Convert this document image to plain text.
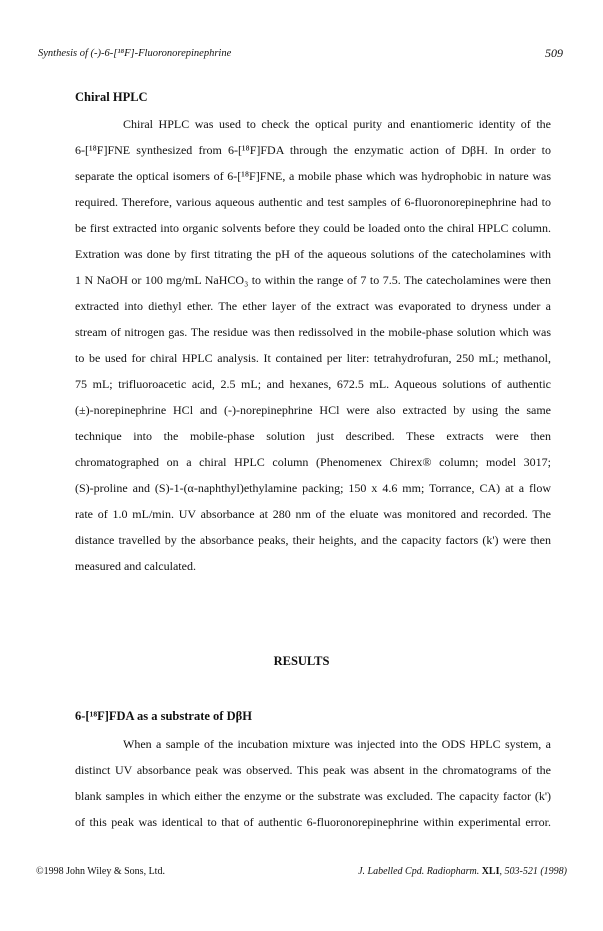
Synthesis of (-)-6-[¹⁸F]-Fluoronorepinephrine	509
Chiral HPLC
Chiral HPLC was used to check the optical purity and enantiomeric identity of the
6-[¹⁸F]FNE synthesized from 6-[¹⁸F]FDA through the enzymatic action of DβH. In order to
separate the optical isomers of 6-[¹⁸F]FNE, a mobile phase which was hydrophobic in nature was
required. Therefore, various aqueous authentic and test samples of 6-fluoronorepinephrine had to
be first extracted into organic solvents before they could be loaded onto the chiral HPLC column.
Extration was done by first titrating the pH of the aqueous solutions of the catecholamines with
1 N NaOH or 100 mg/mL NaHCO₃ to within the range of 7 to 7.5. The catecholamines were then
extracted into diethyl ether. The ether layer of the extract was evaporated to dryness under a
stream of nitrogen gas. The residue was then redissolved in the mobile-phase solution which was
to be used for chiral HPLC analysis. It contained per liter: tetrahydrofuran, 250 mL; methanol,
75 mL; trifluoroacetic acid, 2.5 mL; and hexanes, 672.5 mL. Aqueous solutions of authentic
(±)-norepinephrine HCl and (-)-norepinephrine HCl were also extracted by using the same
technique into the mobile-phase solution just described. These extracts were then
chromatographed on a chiral HPLC column (Phenomenex Chirex® column; model 3017;
(S)-proline and (S)-1-(α-naphthyl)ethylamine packing; 150 x 4.6 mm; Torrance, CA) at a flow
rate of 1.0 mL/min. UV absorbance at 280 nm of the eluate was monitored and recorded. The
distance travelled by the absorbance peaks, their heights, and the capacity factors (k') were then
measured and calculated.
RESULTS
6-[¹⁸F]FDA as a substrate of DβH
When a sample of the incubation mixture was injected into the ODS HPLC system, a
distinct UV absorbance peak was observed. This peak was absent in the chromatograms of the
blank samples in which either the enzyme or the substrate was excluded. The capacity factor (k')
of this peak was identical to that of authentic 6-fluoronorepinephrine within experimental error.
©1998 John Wiley & Sons, Ltd.	J. Labelled Cpd. Radiopharm. XLI, 503-521 (1998)
